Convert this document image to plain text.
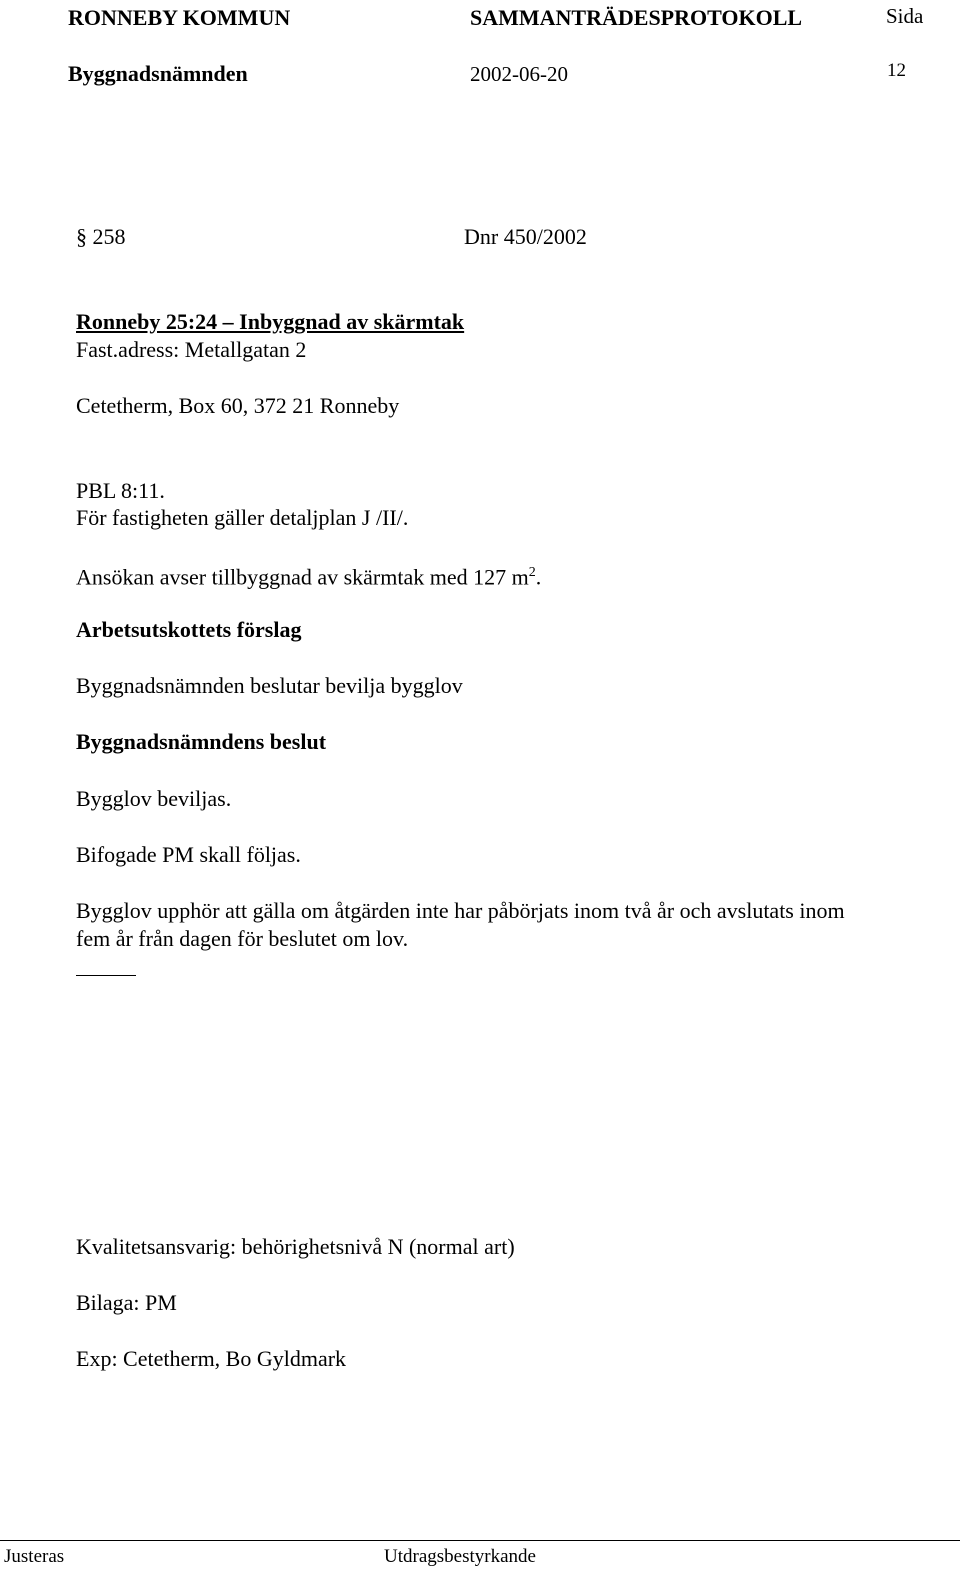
RONNEBY KOMMUN	SAMMANTRÄDESPROTOKOLL	Sida
Byggnadsnämnden	2002-06-20	12
§ 258	Dnr 450/2002
Ronneby 25:24 – Inbyggnad av skärmtak
Fast.adress: Metallgatan 2
Cetetherm, Box 60, 372 21 Ronneby
PBL 8:11.
För fastigheten gäller detaljplan J /II/.
Ansökan avser tillbyggnad av skärmtak med 127 $m^2$.
Arbetsutskottets förslag
Byggnadsnämnden beslutar bevilja bygglov
Byggnadsnämndens beslut
Bygglov beviljas.
Bifogade PM skall följas.
Bygglov upphör att gälla om åtgärden inte har påbörjats inom två år och avslutats inom
fem år från dagen för beslutet om lov.
Kvalitetsansvarig: behörighetsnivå N (normal art)
Bilaga: PM
Exp: Cetetherm, Bo Gyldmark
Justeras	Utdragsbestyrkande
